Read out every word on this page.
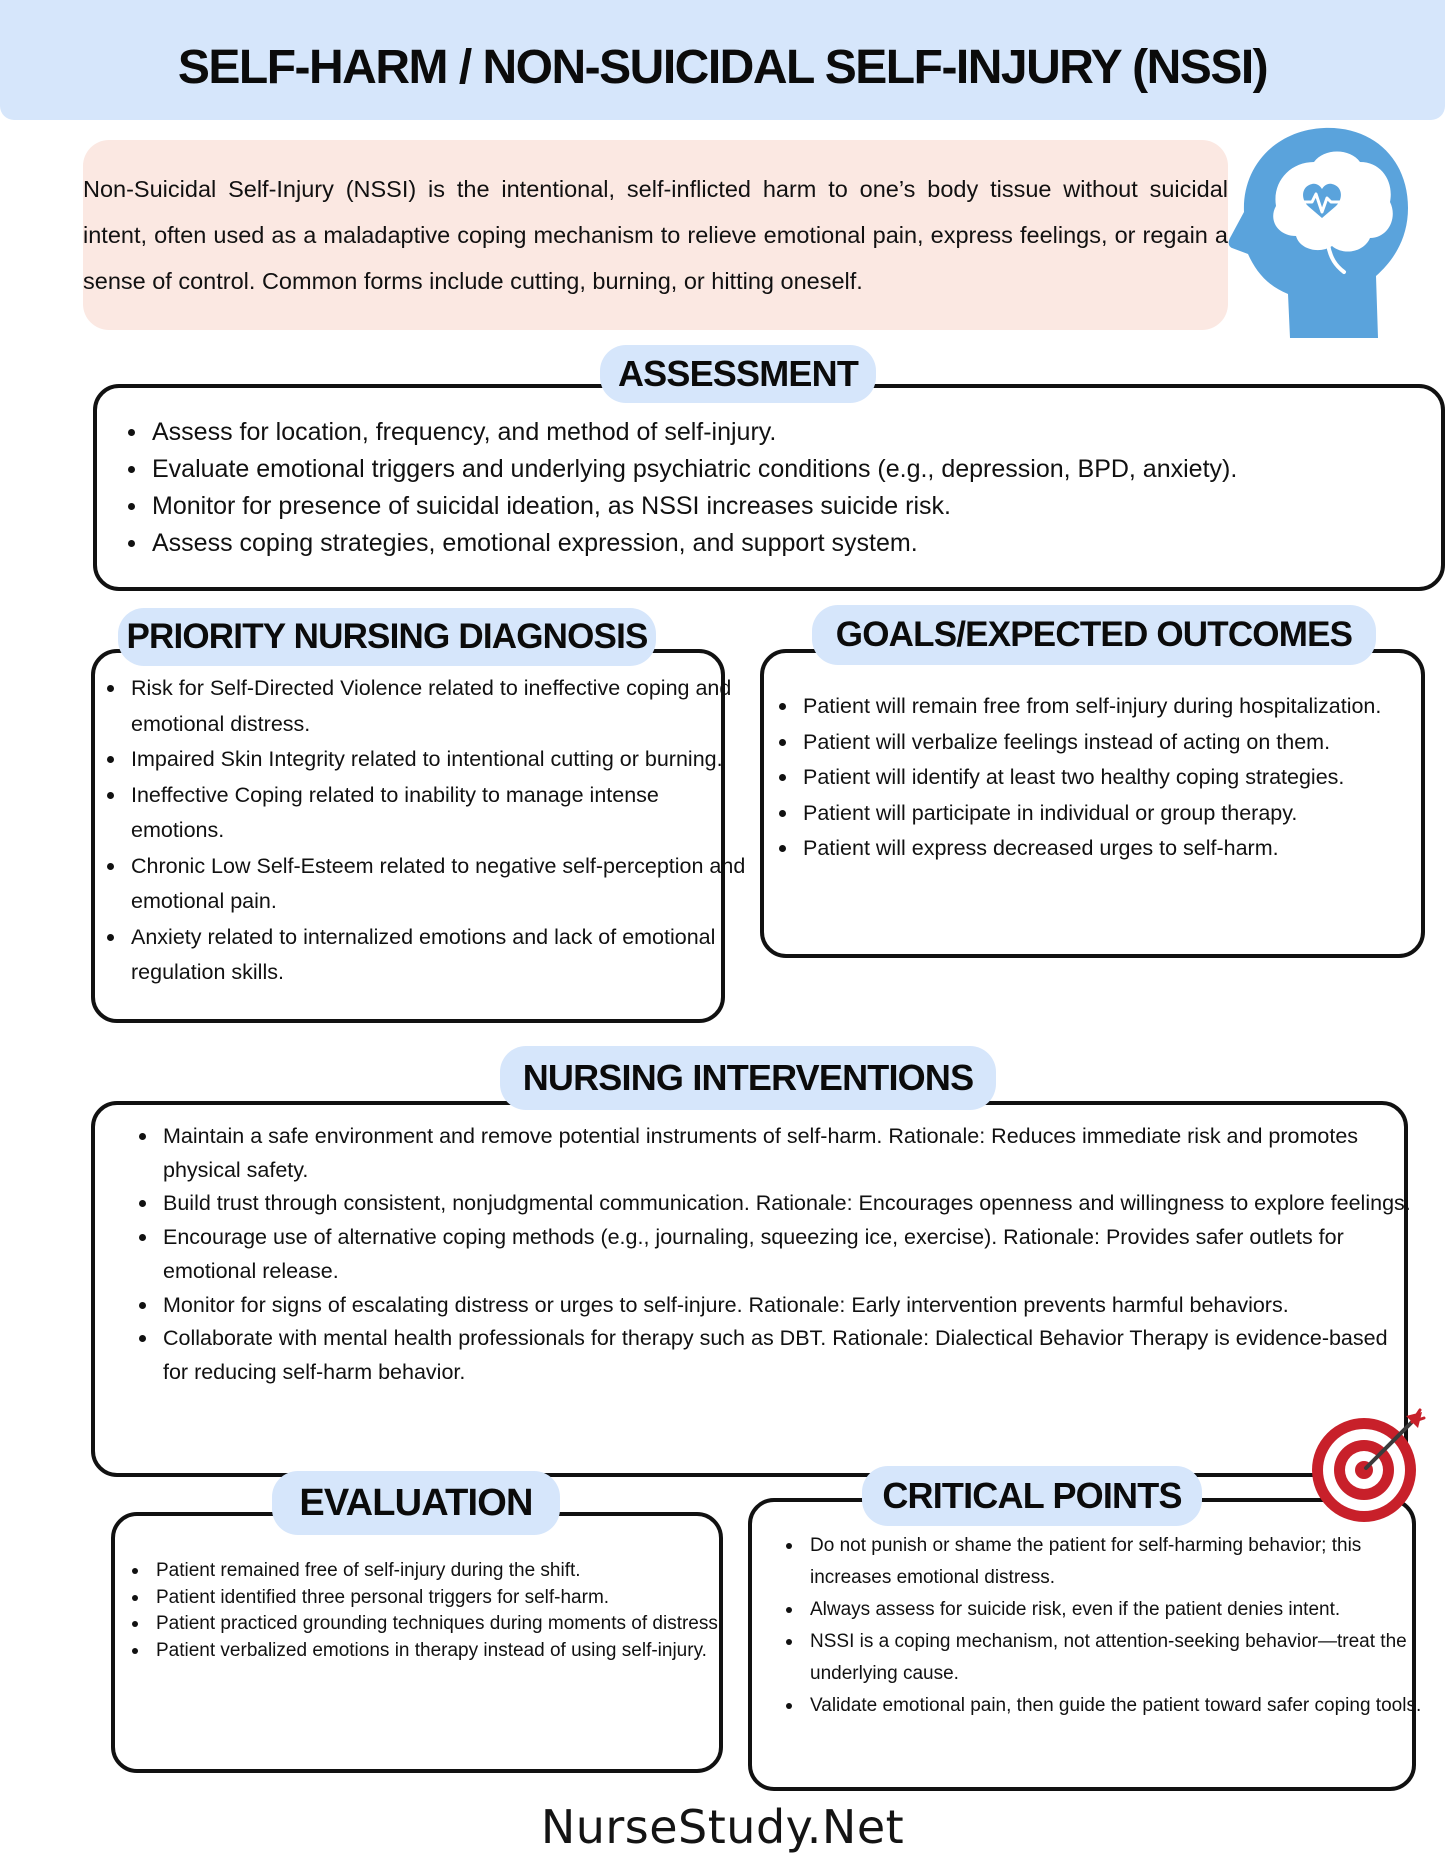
SELF-HARM / NON-SUICIDAL SELF-INJURY (NSSI)

Non-Suicidal Self-Injury (NSSI) is the intentional, self-inflicted harm to one’s body tissue without suicidal intent, often used as a maladaptive coping mechanism to relieve emotional pain, express feelings, or regain a sense of control. Common forms include cutting, burning, or hitting oneself.

ASSESSMENT
Assess for location, frequency, and method of self-injury.
Evaluate emotional triggers and underlying psychiatric conditions (e.g., depression, BPD, anxiety).
Monitor for presence of suicidal ideation, as NSSI increases suicide risk.
Assess coping strategies, emotional expression, and support system.
PRIORITY NURSING DIAGNOSIS
Risk for Self-Directed Violence related to ineffective coping and emotional distress.
Impaired Skin Integrity related to intentional cutting or burning.
Ineffective Coping related to inability to manage intense emotions.
Chronic Low Self-Esteem related to negative self-perception and emotional pain.
Anxiety related to internalized emotions and lack of emotional regulation skills.
GOALS/EXPECTED OUTCOMES
Patient will remain free from self-injury during hospitalization.
Patient will verbalize feelings instead of acting on them.
Patient will identify at least two healthy coping strategies.
Patient will participate in individual or group therapy.
Patient will express decreased urges to self-harm.
NURSING INTERVENTIONS
Maintain a safe environment and remove potential instruments of self-harm. Rationale: Reduces immediate risk and promotes physical safety.
Build trust through consistent, nonjudgmental communication. Rationale: Encourages openness and willingness to explore feelings.
Encourage use of alternative coping methods (e.g., journaling, squeezing ice, exercise). Rationale: Provides safer outlets for emotional release.
Monitor for signs of escalating distress or urges to self-injure. Rationale: Early intervention prevents harmful behaviors.
Collaborate with mental health professionals for therapy such as DBT. Rationale: Dialectical Behavior Therapy is evidence-based for reducing self-harm behavior.
EVALUATION
Patient remained free of self-injury during the shift.
Patient identified three personal triggers for self-harm.
Patient practiced grounding techniques during moments of distress.
Patient verbalized emotions in therapy instead of using self-injury.
CRITICAL POINTS
Do not punish or shame the patient for self-harming behavior; this increases emotional distress.
Always assess for suicide risk, even if the patient denies intent.
NSSI is a coping mechanism, not attention-seeking behavior—treat the underlying cause.
Validate emotional pain, then guide the patient toward safer coping tools.
NurseStudy.Net
